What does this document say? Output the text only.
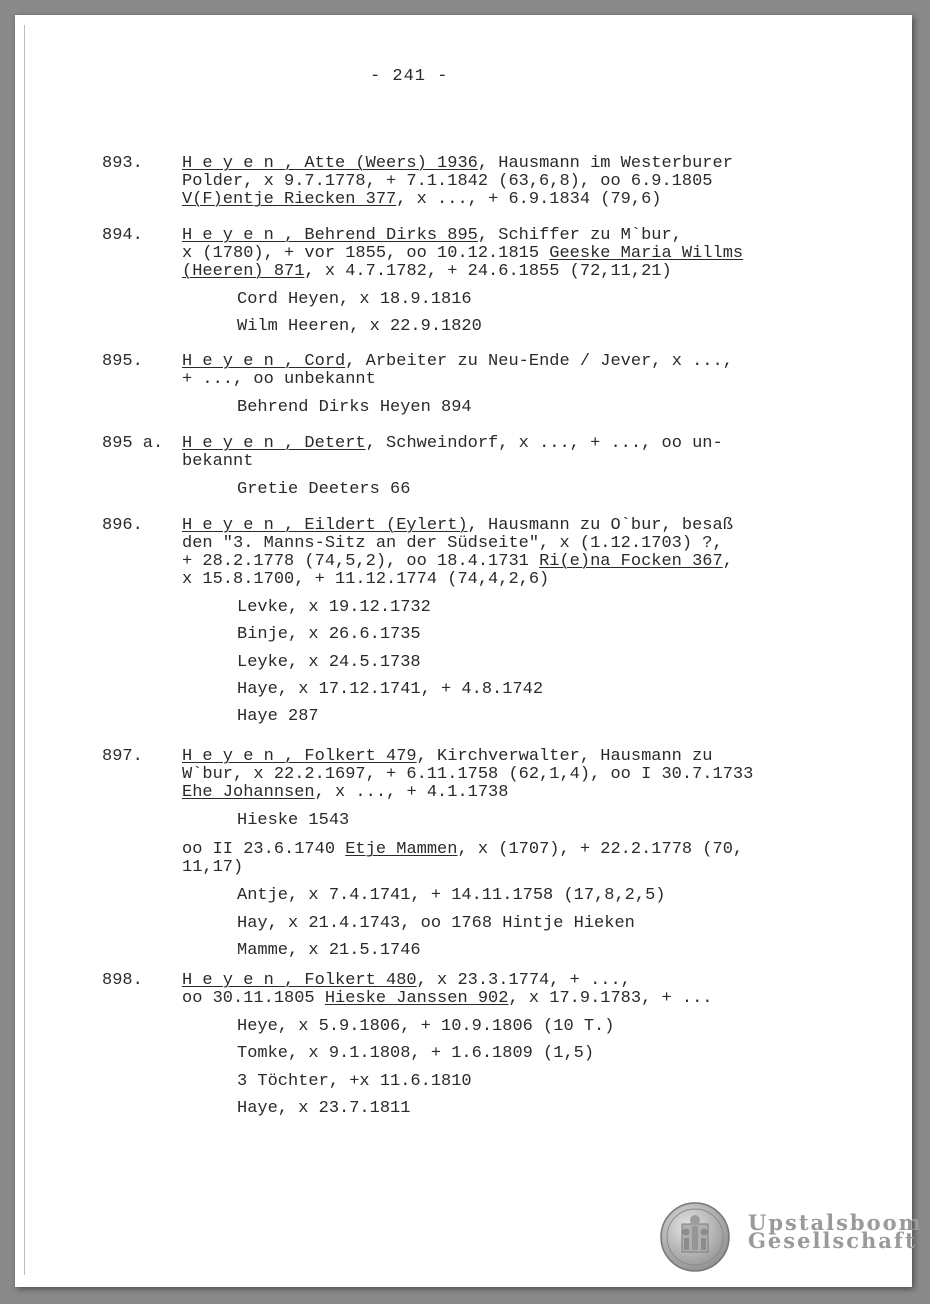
- 241 -
893. H e y e n , Atte (Weers) 1936, Hausmann im Westerburer
Polder, x 9.7.1778, + 7.1.1842 (63,6,8), oo 6.9.1805
V(F)entje Riecken 377, x ..., + 6.9.1834 (79,6)
894. H e y e n , Behrend Dirks 895, Schiffer zu M`bur,
x (1780), + vor 1855, oo 10.12.1815 Geeske Maria Willms
(Heeren) 871, x 4.7.1782, + 24.6.1855 (72,11,21)
Cord Heyen, x 18.9.1816
Wilm Heeren, x 22.9.1820
895. H e y e n , Cord, Arbeiter zu Neu-Ende / Jever, x ...,
+ ..., oo unbekannt
Behrend Dirks Heyen 894
895 a. H e y e n , Detert, Schweindorf, x ..., + ..., oo un-
bekannt
Gretie Deeters 66
896. H e y e n , Eildert (Eylert), Hausmann zu O`bur, besaß
den "3. Manns-Sitz an der Südseite", x (1.12.1703) ?,
+ 28.2.1778 (74,5,2), oo 18.4.1731 Ri(e)na Focken 367,
x 15.8.1700, + 11.12.1774 (74,4,2,6)
Levke, x 19.12.1732
Binje, x 26.6.1735
Leyke, x 24.5.1738
Haye, x 17.12.1741, + 4.8.1742
Haye 287
897. H e y e n , Folkert 479, Kirchverwalter, Hausmann zu
W`bur, x 22.2.1697, + 6.11.1758 (62,1,4), oo I 30.7.1733
Ehe Johannsen, x ..., + 4.1.1738
Hieske 1543
oo II 23.6.1740 Etje Mammen, x (1707), + 22.2.1778 (70,
11,17)
Antje, x 7.4.1741, + 14.11.1758 (17,8,2,5)
Hay, x 21.4.1743, oo 1768 Hintje Hieken
Mamme, x 21.5.1746
898. H e y e n , Folkert 480, x 23.3.1774, + ...,
oo 30.11.1805 Hieske Janssen 902, x 17.9.1783, + ...
Heye, x 5.9.1806, + 10.9.1806 (10 T.)
Tomke, x 9.1.1808, + 1.6.1809 (1,5)
3 Töchter, +x 11.6.1810
Haye, x 23.7.1811
Upstalsboom
Gesellschaft
